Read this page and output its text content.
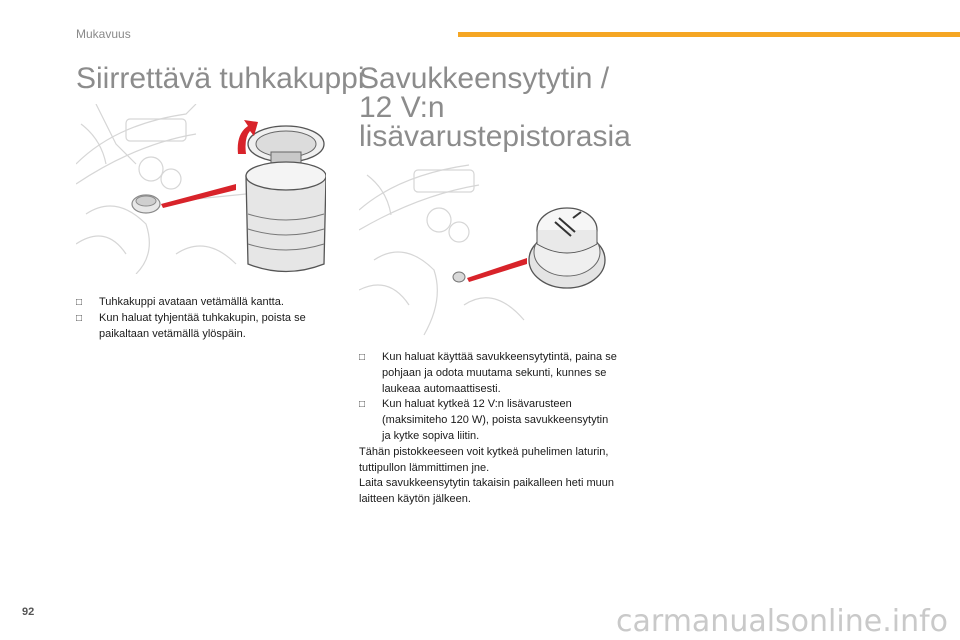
Mukavuus
Siirrettävä tuhkakuppi
□ Tuhkakuppi avataan vetämällä kantta.
□ Kun haluat tyhjentää tuhkakupin, poista se paikaltaan vetämällä ylöspäin.
Savukkeensytytin /
12 V:n
lisävarustepistorasia
□ Kun haluat käyttää savukkeensytytintä, paina se pohjaan ja odota muutama sekunti, kunnes se laukeaa automaattisesti.
□ Kun haluat kytkeä 12 V:n lisävarusteen (maksimiteho 120 W), poista savukkeensytytin ja kytke sopiva liitin.
Tähän pistokkeeseen voit kytkeä puhelimen laturin, tuttipullon lämmittimen jne.
Laita savukkeensytytin takaisin paikalleen heti muun laitteen käytön jälkeen.
92	carmanualsonline.info
